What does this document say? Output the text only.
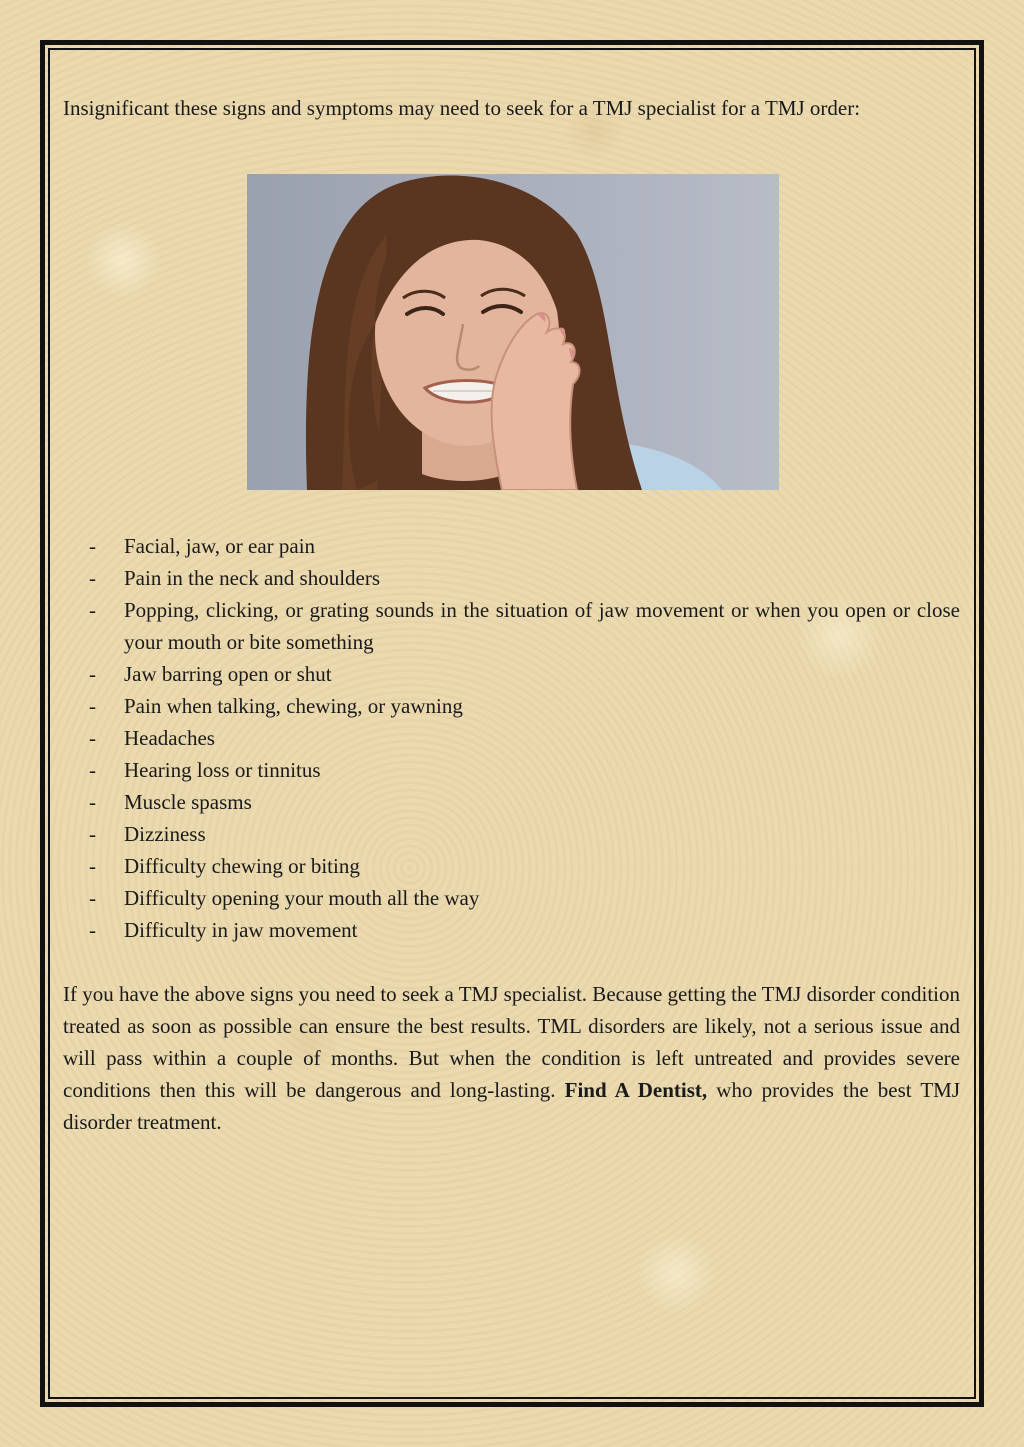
Insignificant these signs and symptoms may need to seek for a TMJ specialist for a TMJ order:

- Facial, jaw, or ear pain
- Pain in the neck and shoulders
- Popping, clicking, or grating sounds in the situation of jaw movement or when you open or close your mouth or bite something
- Jaw barring open or shut
- Pain when talking, chewing, or yawning
- Headaches
- Hearing loss or tinnitus
- Muscle spasms
- Dizziness
- Difficulty chewing or biting
- Difficulty opening your mouth all the way
- Difficulty in jaw movement

If you have the above signs you need to seek a TMJ specialist. Because getting the TMJ disorder condition treated as soon as possible can ensure the best results. TML disorders are likely, not a serious issue and will pass within a couple of months. But when the condition is left untreated and provides severe conditions then this will be dangerous and long-lasting. Find A Dentist, who provides the best TMJ disorder treatment.
